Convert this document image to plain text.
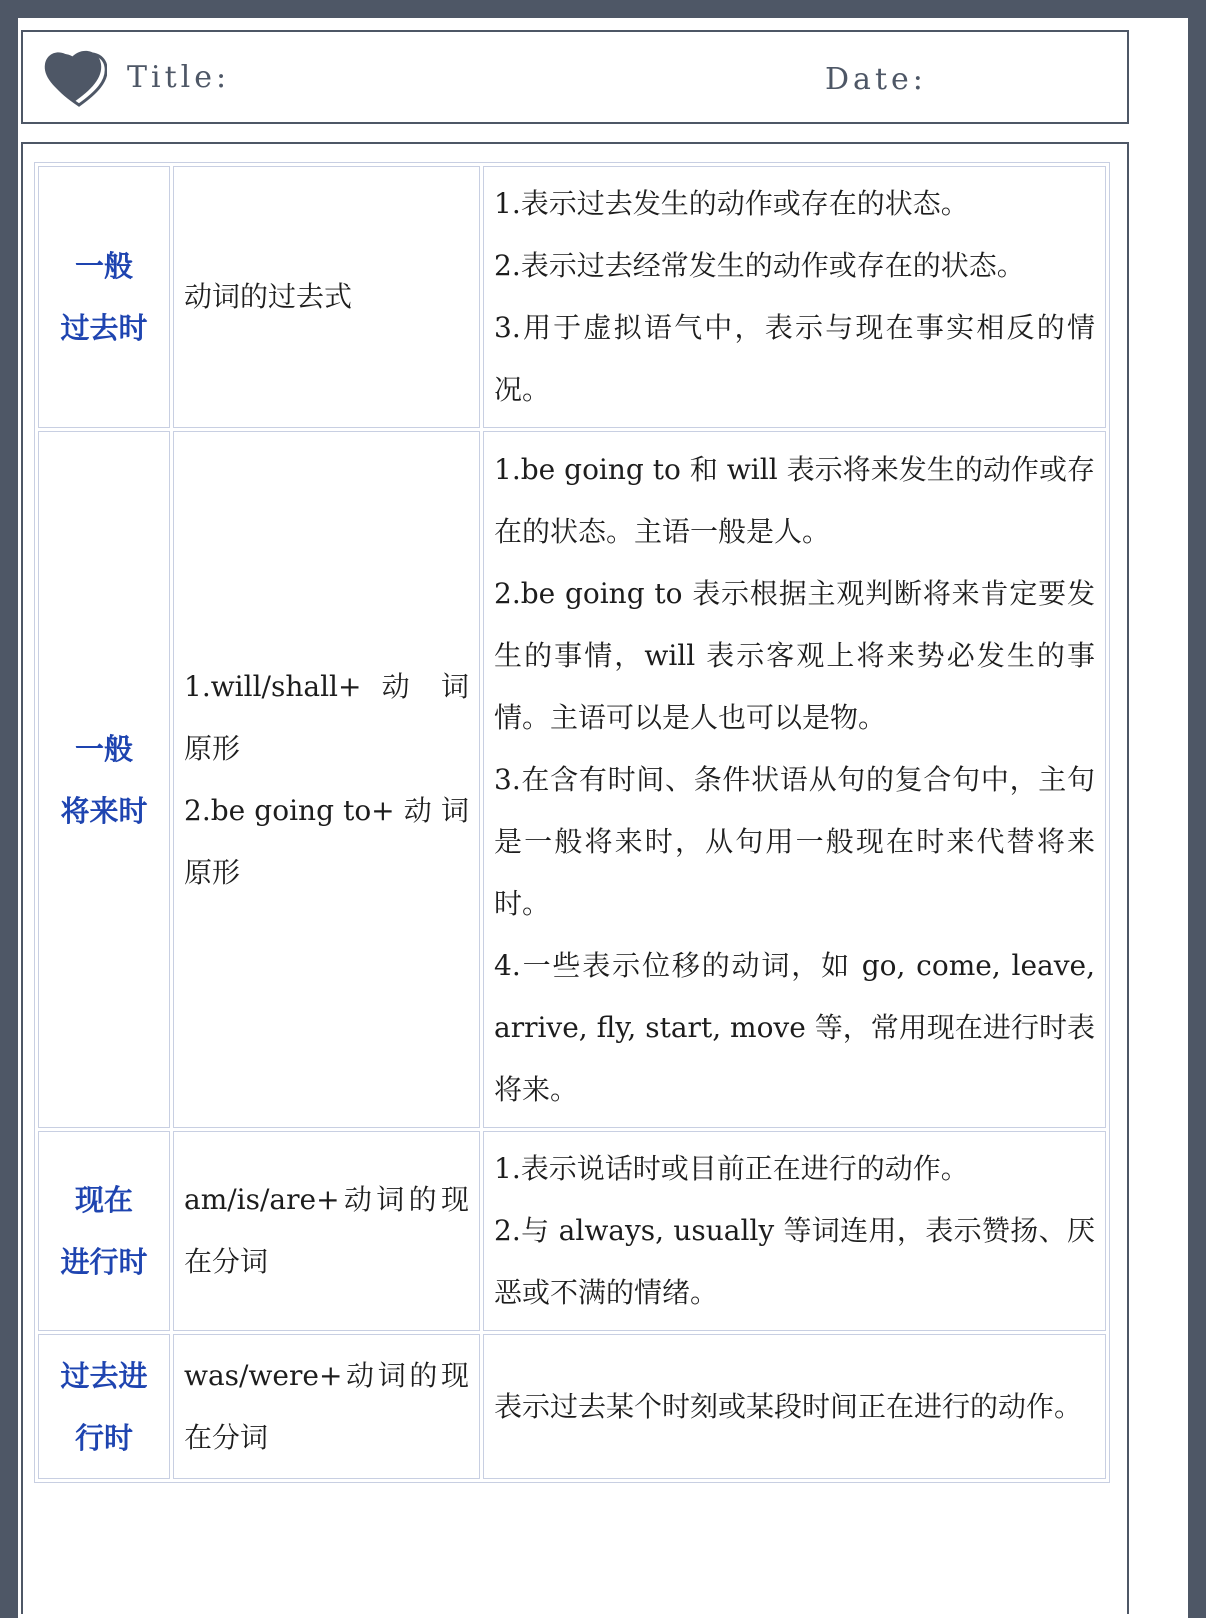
Title:	Date:
一般
过去时	动词的过去式	1.表示过去发生的动作或存在的状态。
2.表示过去经常发生的动作或存在的状态。
3.用于虚拟语气中，表示与现在事实相反的情况。

一般
将来时	1.will/shall+ 动 词 原形
2.be going to+ 动 词原形	1.be going to 和 will 表示将来发生的动作或存在的状态。主语一般是人。
2.be going to 表示根据主观判断将来肯定要发生的事情，will 表示客观上将来势必发生的事情。主语可以是人也可以是物。
3.在含有时间、条件状语从句的复合句中，主句是一般将来时，从句用一般现在时来代替将来时。
4.一些表示位移的动词，如 go, come, leave, arrive, fly, start, move 等，常用现在进行时表将来。

现在
进行时	am/is/are+动词的现在分词	1.表示说话时或目前正在进行的动作。
2.与 always, usually 等词连用，表示赞扬、厌恶或不满的情绪。

过去进
行时	was/were+动词的现在分词	表示过去某个时刻或某段时间正在进行的动作。
